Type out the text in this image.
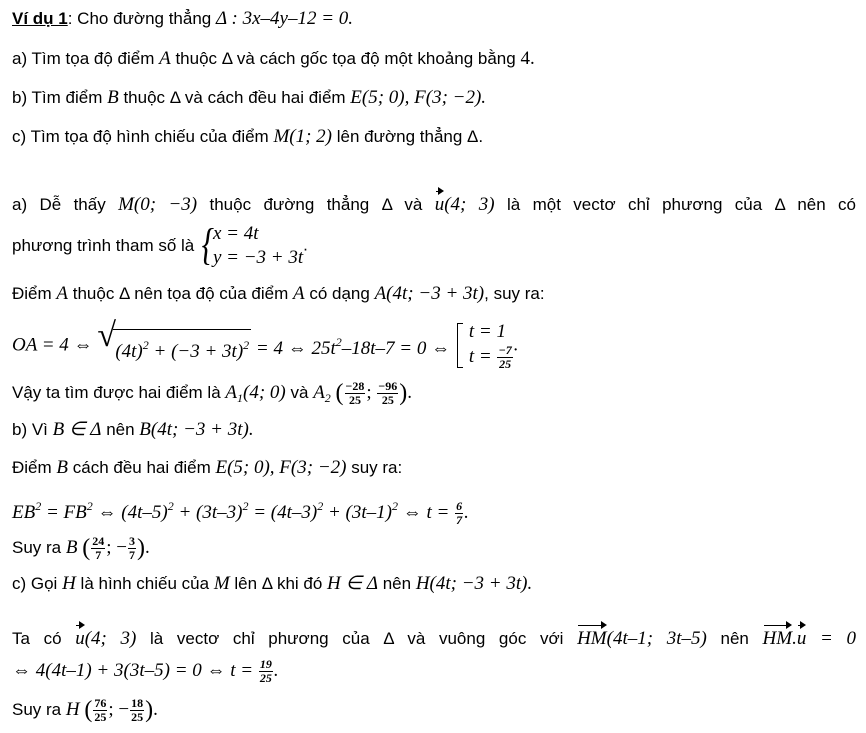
Ví dụ 1: Cho đường thẳng Δ : 3x–4y–12 = 0.
a) Tìm tọa độ điểm A thuộc Δ và cách gốc tọa độ một khoảng bằng 4.
b) Tìm điểm B thuộc Δ và cách đều hai điểm E(5; 0), F(3; −2).
c) Tìm tọa độ hình chiếu của điểm M(1; 2) lên đường thẳng Δ.
a) Dễ thấy M(0; −3) thuộc đường thẳng Δ và u(4; 3) là một vectơ chỉ phương của Δ nên có
phương trình tham số là { x = 4t
y = −3 + 3t
.
Điểm A thuộc Δ nên tọa độ của điểm A có dạng A(4t; −3 + 3t), suy ra:
OA = 4 ⇔ √ $(4t)^2 + (-3 + 3t)^2 = 4$ ⇔ $25t^2-18t-7 = 0$ ⇔
t = 1
$t = \frac{-7}{25}$ .
Vậy ta tìm được hai điểm là $A_1(4$; 0) và $A_2$ ( $\frac{-28}{25}$ ; $\frac{-96}{25}$ ).
b) Vì B ∈ Δ nên B(4t; −3 + 3t).
Điểm B cách đều hai điểm E(5; 0), F(3; −2) suy ra:
$EB^2 = FB^2$ ⇔ $(4t-5)^2 + (3t-3)^2 = (4t-3)^2 + (3t-1)^2$ ⇔ $t = \frac{6}{7}$ .
Suy ra B ( $\frac{24}{7}$ ; − $\frac{3}{7}$ ).
c) Gọi H là hình chiếu của M lên Δ khi đó H ∈ Δ nên H(4t; −3 + 3t).
Ta có u(4; 3) là vectơ chỉ phương của Δ và vuông góc với HM(4t–1; 3t–5) nên HM.u = 0
⇔ 4(4t–1) + 3(3t–5) = 0 ⇔ $t = \frac{19}{25}$ .
Suy ra H ( $\frac{76}{25}$ ; − $\frac{18}{25}$ ).
